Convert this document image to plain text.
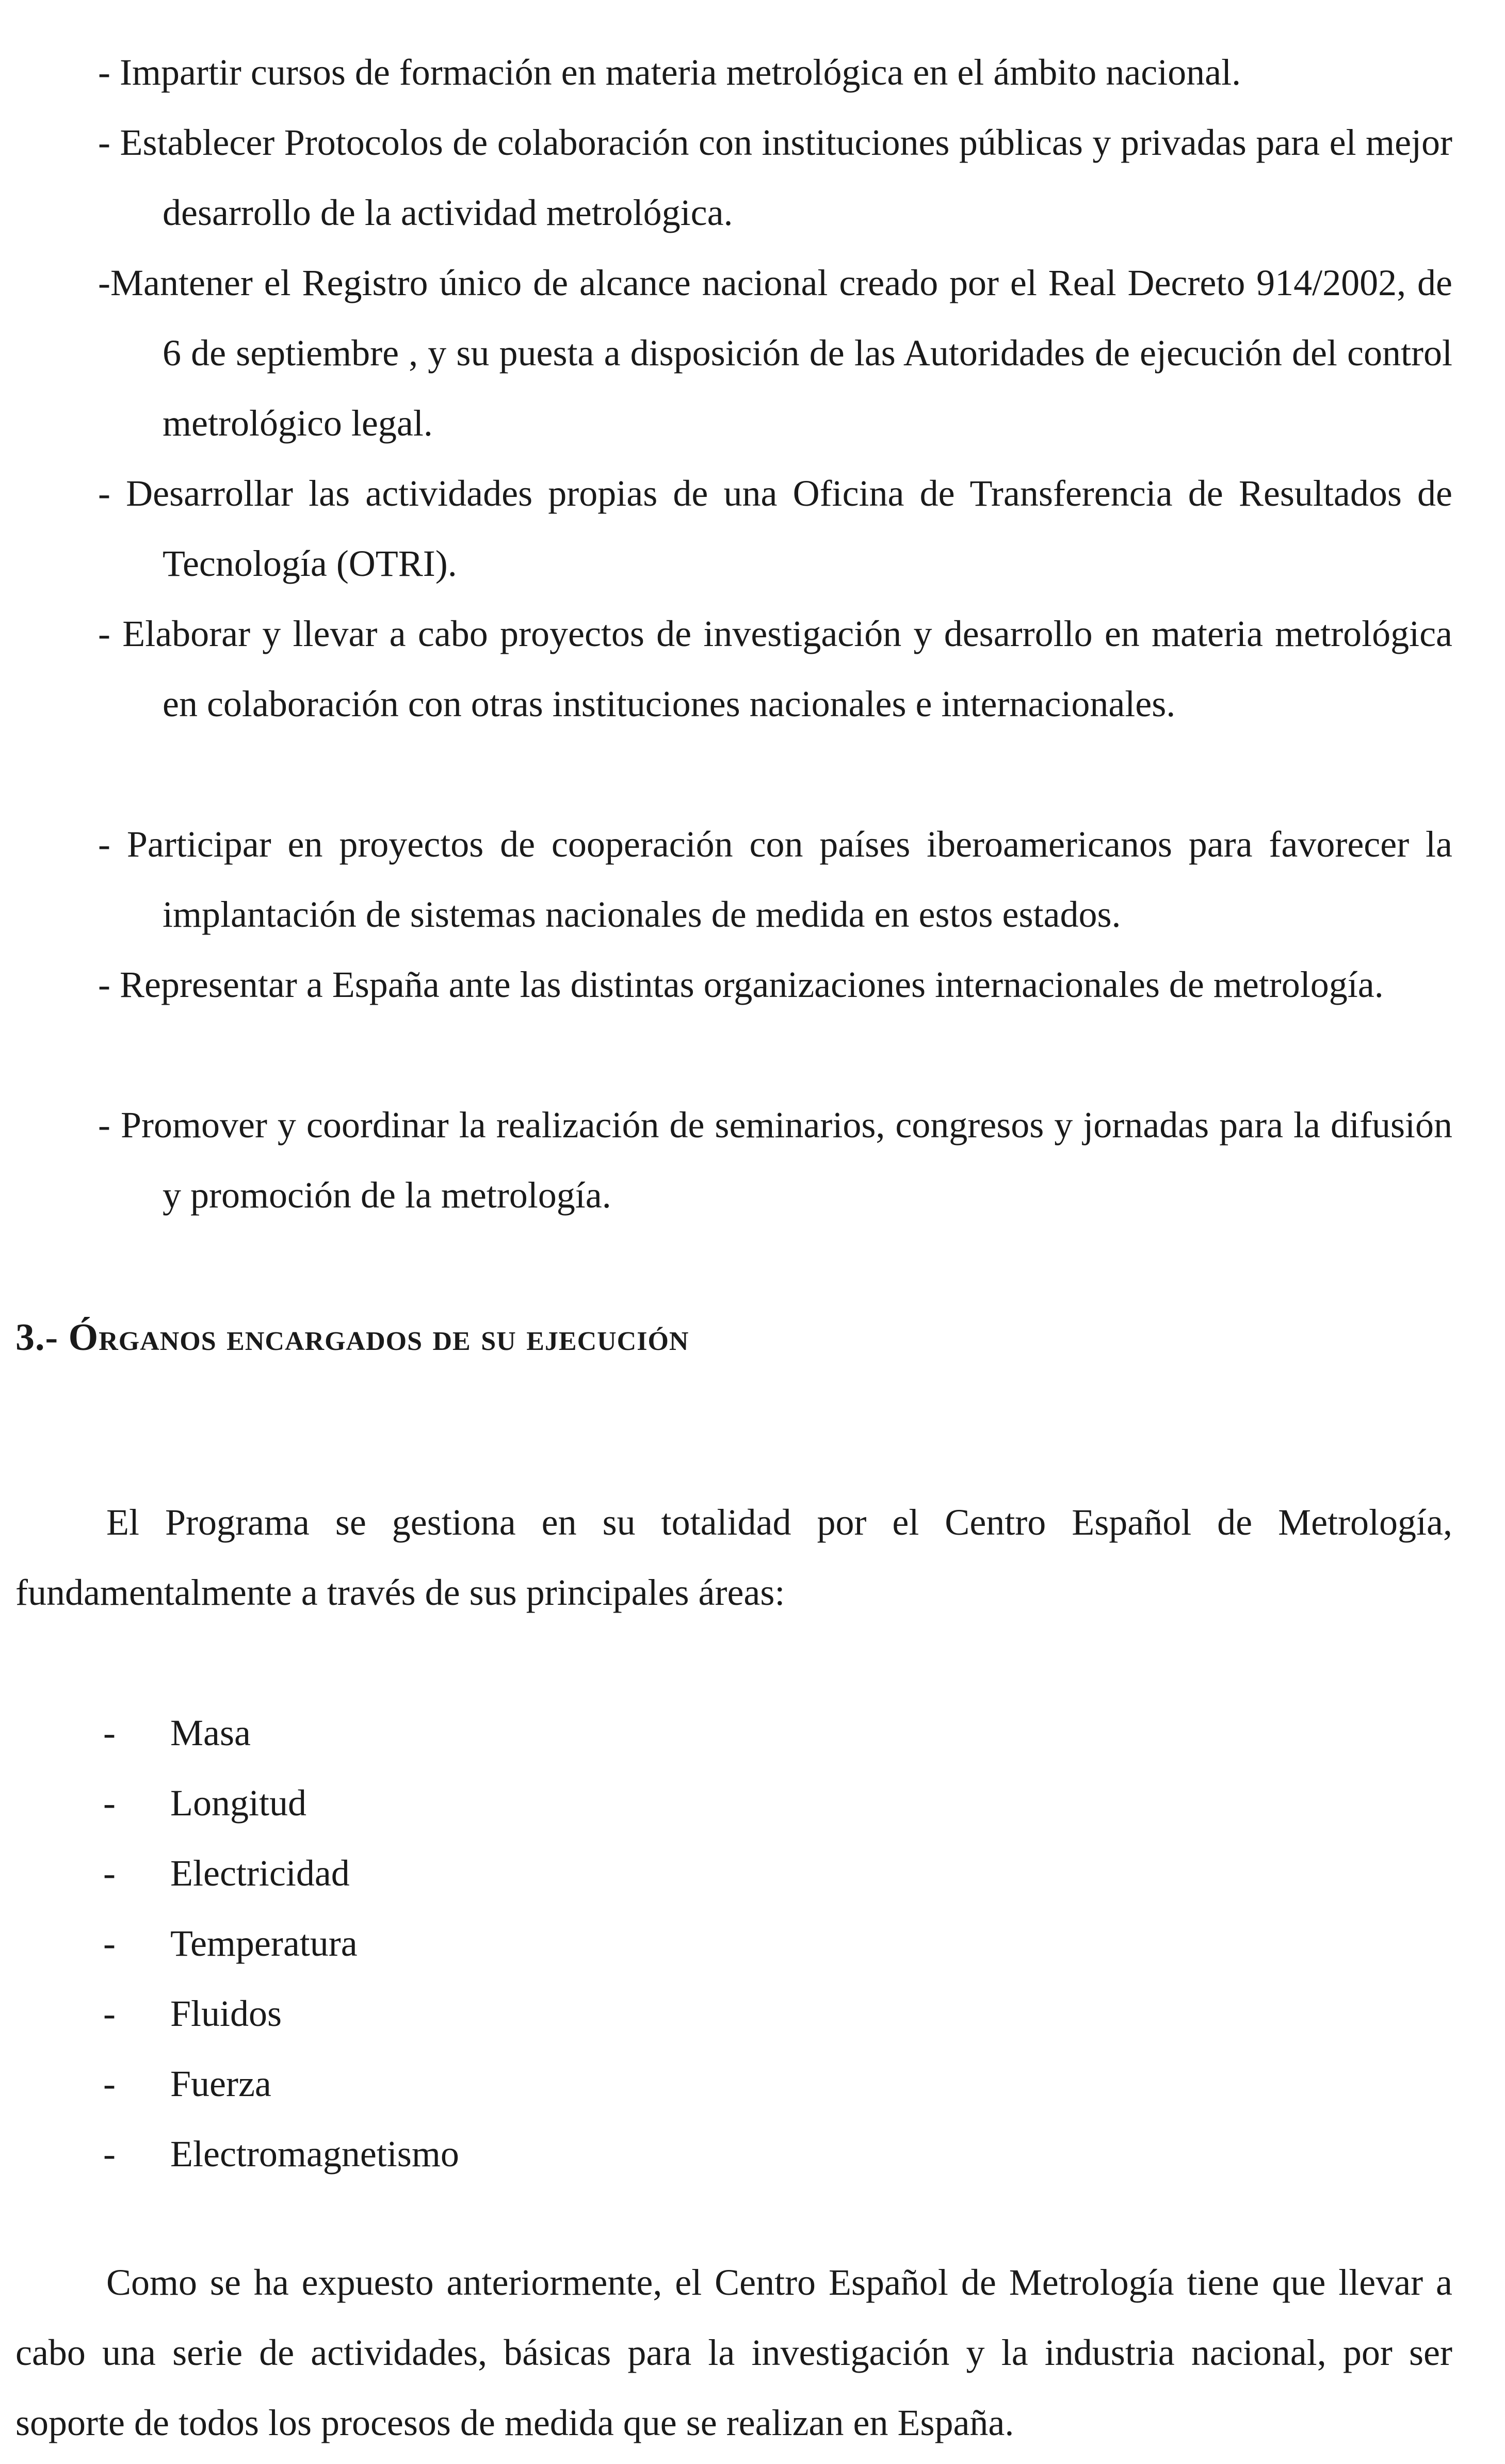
- Impartir cursos de formación en materia metrológica en el ámbito nacional.

- Establecer Protocolos de colaboración con instituciones públicas y privadas para el mejor desarrollo de la actividad metrológica.

-Mantener el Registro único de alcance nacional creado por el Real Decreto 914/2002, de 6 de septiembre , y su puesta a disposición de las Autoridades de ejecución del control metrológico legal.

- Desarrollar las actividades propias de una Oficina de Transferencia de Resultados de Tecnología (OTRI).

- Elaborar y llevar a cabo proyectos de investigación y desarrollo en materia metrológica en colaboración con otras instituciones nacionales e internacionales.

- Participar en proyectos de cooperación con países iberoamericanos para favorecer la implantación de sistemas nacionales de medida en estos estados.

- Representar a España ante las distintas organizaciones internacionales de metrología.

- Promover y coordinar la realización de seminarios, congresos y jornadas para la difusión y promoción de la metrología.

3.- Órganos encargados de su ejecución

El Programa se gestiona en su totalidad por el Centro Español de Metrología, fundamentalmente a través de sus principales áreas:

-	Masa
-	Longitud
-	Electricidad
-	Temperatura
-	Fluidos
-	Fuerza
-	Electromagnetismo

Como se ha expuesto anteriormente, el Centro Español de Metrología tiene que llevar a cabo una serie de actividades, básicas para la investigación y la industria nacional, por ser soporte de todos los procesos de medida que se realizan en España.
